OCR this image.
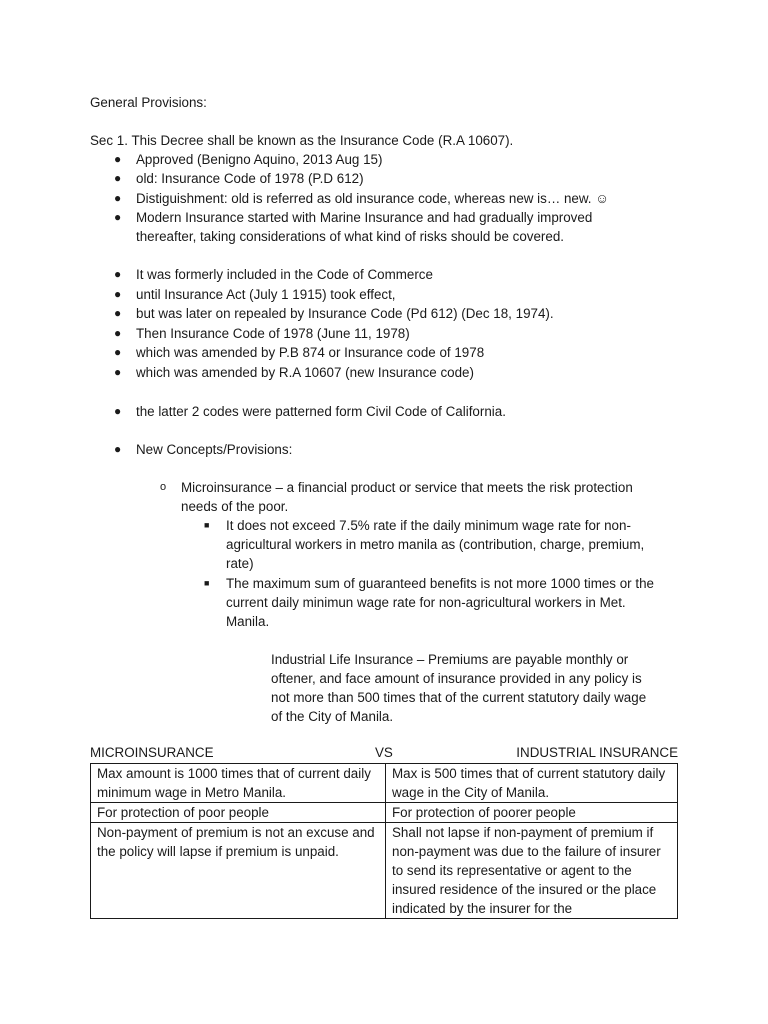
General Provisions:
Sec 1. This Decree shall be known as the Insurance Code (R.A 10607).
● Approved (Benigno Aquino, 2013 Aug 15)
● old: Insurance Code of 1978 (P.D 612)
● Distiguishment: old is referred as old insurance code, whereas new is… new. ☺
● Modern Insurance started with Marine Insurance and had gradually improved
thereafter, taking considerations of what kind of risks should be covered.
● It was formerly included in the Code of Commerce
● until Insurance Act (July 1 1915) took effect,
● but was later on repealed by Insurance Code (Pd 612) (Dec 18, 1974).
● Then Insurance Code of 1978 (June 11, 1978)
● which was amended by P.B 874 or Insurance code of 1978
● which was amended by R.A 10607 (new Insurance code)
● the latter 2 codes were patterned form Civil Code of California.
● New Concepts/Provisions:
o Microinsurance – a financial product or service that meets the risk protection
needs of the poor.
■ It does not exceed 7.5% rate if the daily minimum wage rate for non-
agricultural workers in metro manila as (contribution, charge, premium,
rate)
■ The maximum sum of guaranteed benefits is not more 1000 times or the
current daily minimun wage rate for non-agricultural workers in Met.
Manila.
Industrial Life Insurance – Premiums are payable monthly or
oftener, and face amount of insurance provided in any policy is
not more than 500 times that of the current statutory daily wage
of the City of Manila.
MICROINSURANCE	VS	INDUSTRIAL INSURANCE
Max amount is 1000 times that of current daily minimum wage in Metro Manila.	Max is 500 times that of current statutory daily wage in the City of Manila.
For protection of poor people	For protection of poorer people
Non-payment of premium is not an excuse and the policy will lapse if premium is unpaid.	Shall not lapse if non-payment of premium if non-payment was due to the failure of insurer to send its representative or agent to the insured residence of the insured or the place indicated by the insurer for the
